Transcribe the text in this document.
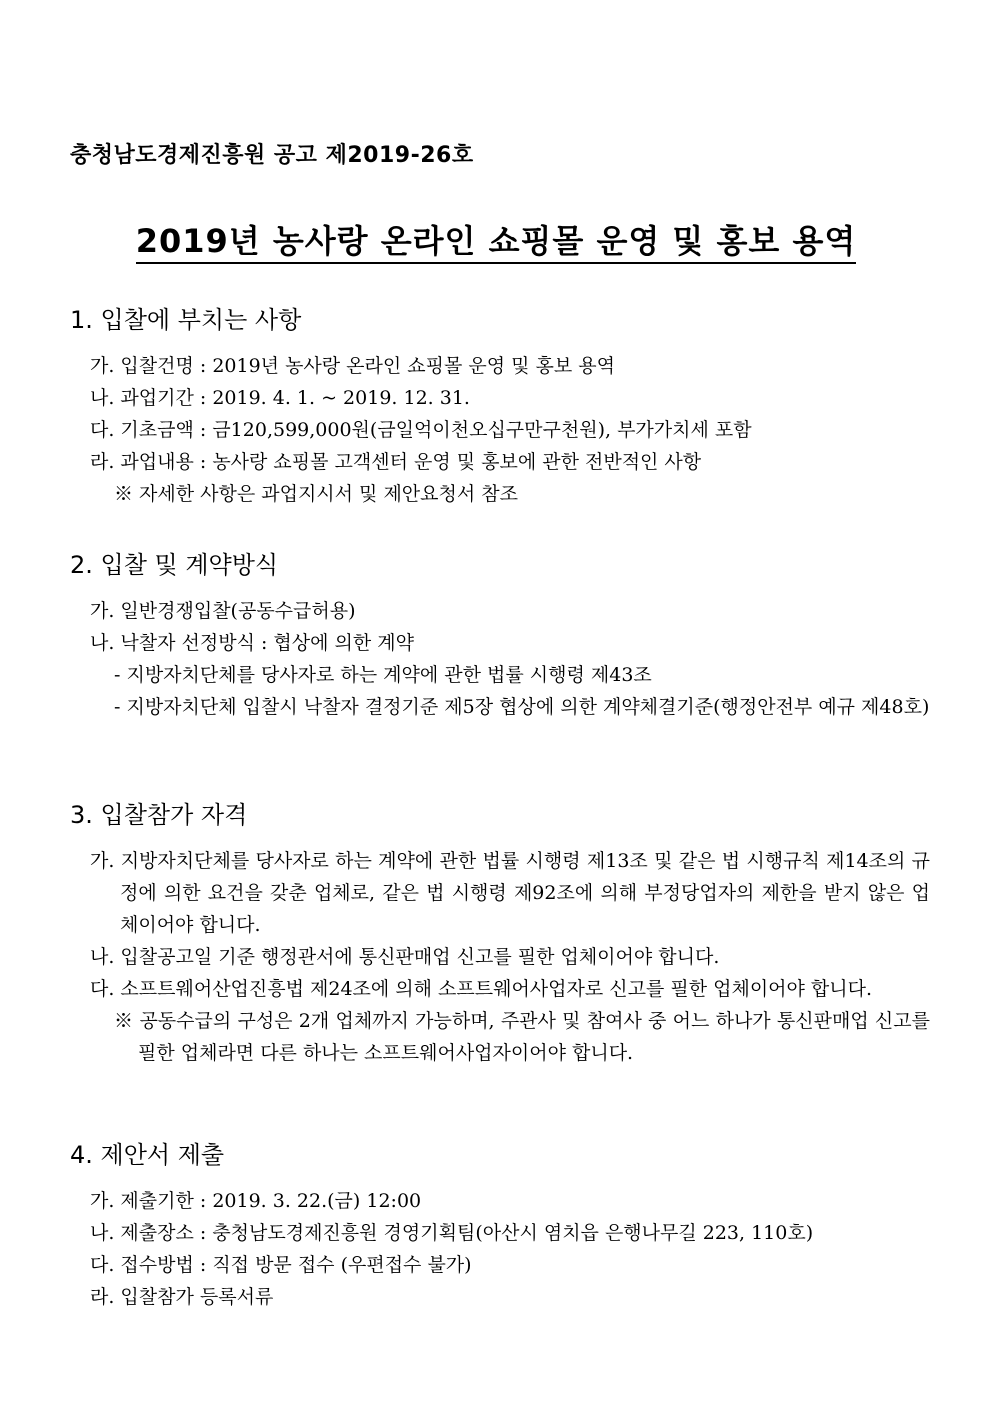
충청남도경제진흥원 공고 제2019-26호
2019년 농사랑 온라인 쇼핑몰 운영 및 홍보 용역
1. 입찰에 부치는 사항
가. 입찰건명 : 2019년 농사랑 온라인 쇼핑몰 운영 및 홍보 용역
나. 과업기간 : 2019. 4. 1. ~ 2019. 12. 31.
다. 기초금액 : 금120,599,000원(금일억이천오십구만구천원), 부가가치세 포함
라. 과업내용 : 농사랑 쇼핑몰 고객센터 운영 및 홍보에 관한 전반적인 사항
※ 자세한 사항은 과업지시서 및 제안요청서 참조
2. 입찰 및 계약방식
가. 일반경쟁입찰(공동수급허용)
나. 낙찰자 선정방식 : 협상에 의한 계약
- 지방자치단체를 당사자로 하는 계약에 관한 법률 시행령 제43조
- 지방자치단체 입찰시 낙찰자 결정기준 제5장 협상에 의한 계약체결기준(행정안전부 예규 제48호)
3. 입찰참가 자격
가. 지방자치단체를 당사자로 하는 계약에 관한 법률 시행령 제13조 및 같은 법 시행규칙 제14조의 규정에 의한 요건을 갖춘 업체로, 같은 법 시행령 제92조에 의해 부정당업자의 제한을 받지 않은 업체이어야 합니다.
나. 입찰공고일 기준 행정관서에 통신판매업 신고를 필한 업체이어야 합니다.
다. 소프트웨어산업진흥법 제24조에 의해 소프트웨어사업자로 신고를 필한 업체이어야 합니다.
※ 공동수급의 구성은 2개 업체까지 가능하며, 주관사 및 참여사 중 어느 하나가 통신판매업 신고를 필한 업체라면 다른 하나는 소프트웨어사업자이어야 합니다.
4. 제안서 제출
가. 제출기한 : 2019. 3. 22.(금) 12:00
나. 제출장소 : 충청남도경제진흥원 경영기획팀(아산시 염치읍 은행나무길 223, 110호)
다. 접수방법 : 직접 방문 접수 (우편접수 불가)
라. 입찰참가 등록서류
